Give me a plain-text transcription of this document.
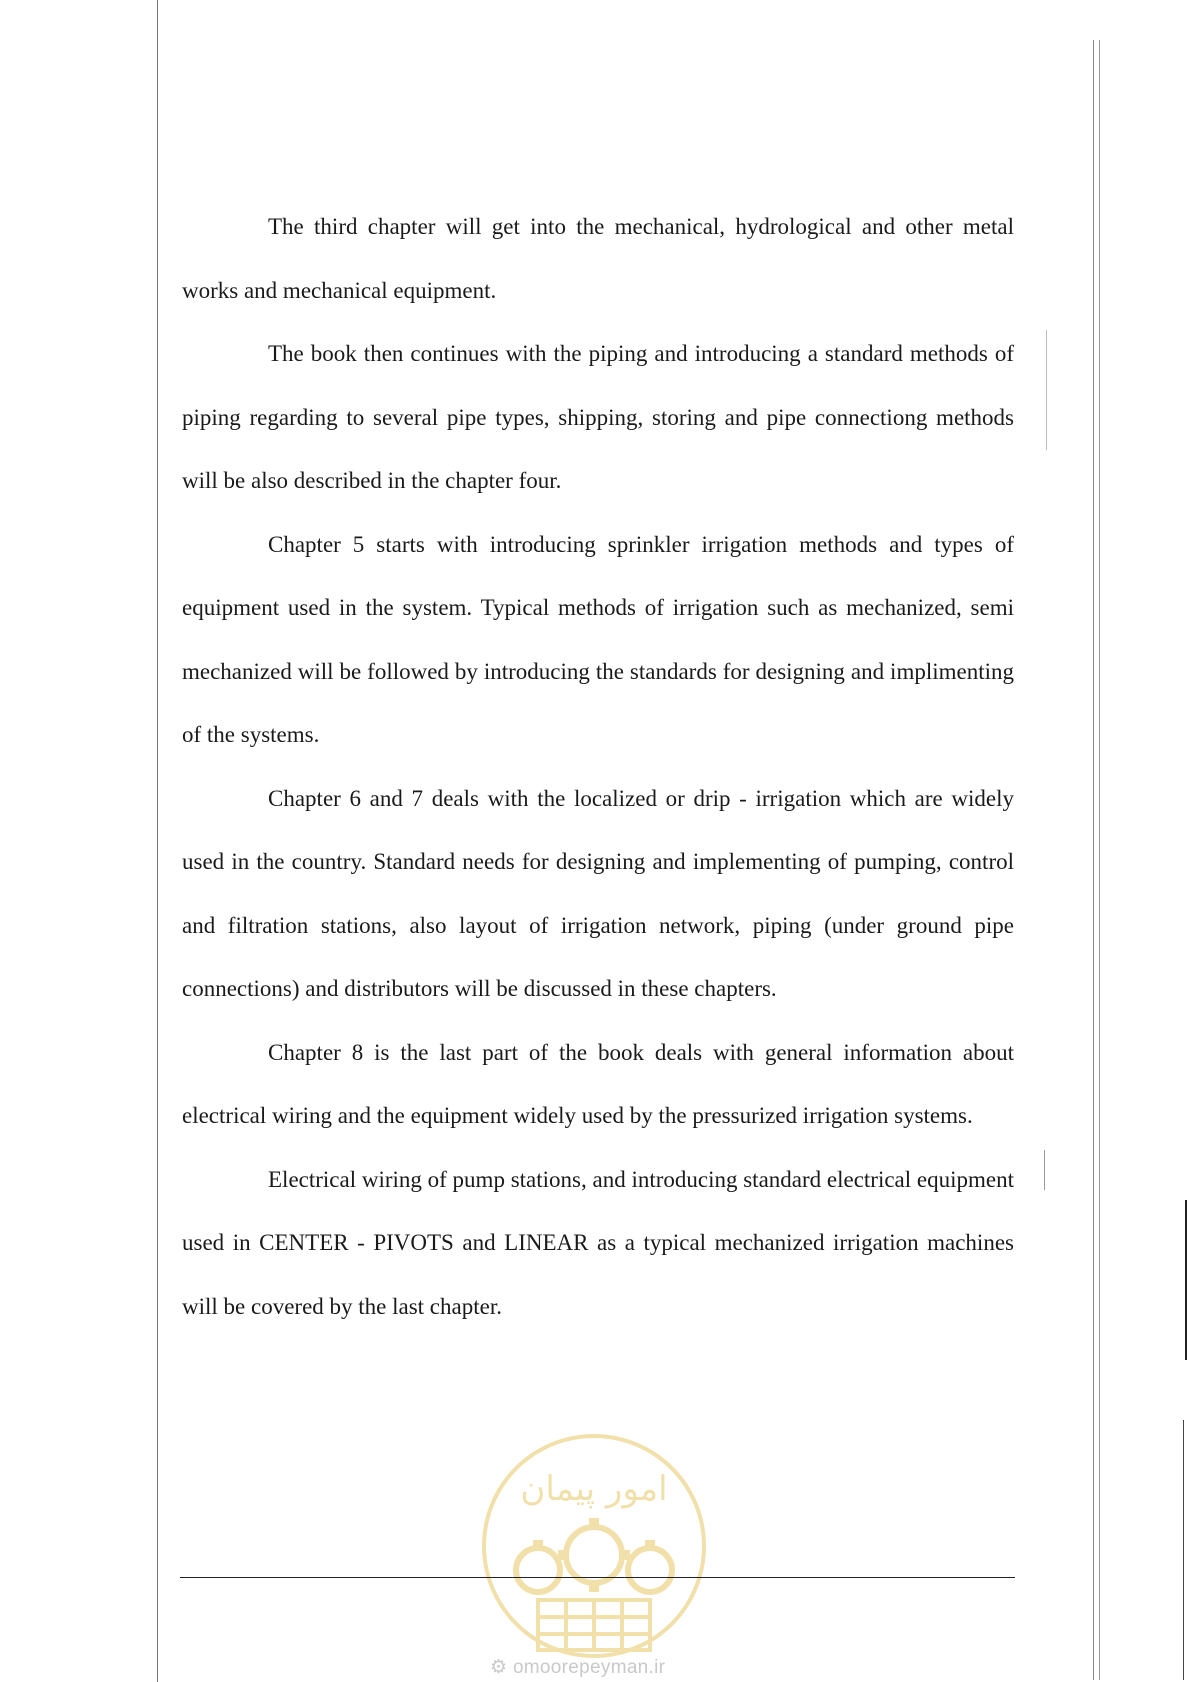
The third chapter will get into the mechanical, hydrological and other metal works and mechanical equipment.

The book then continues with the piping and introducing a standard methods of piping regarding to several pipe types, shipping, storing and pipe connectiong methods will be also described in the chapter four.

Chapter 5 starts with introducing sprinkler irrigation methods and types of equipment used in the system. Typical methods of irrigation such as mechanized, semi mechanized will be followed by introducing the standards for designing and implimenting of the systems.

Chapter 6 and 7 deals with the localized or drip - irrigation which are widely used in the country. Standard needs for designing and implementing of pumping, control and filtration stations, also layout of irrigation network, piping (under ground pipe connections) and distributors will be discussed in these chapters.

Chapter 8 is the last part of the book deals with general information about electrical wiring and the equipment widely used by the pressurized irrigation systems.

Electrical wiring of pump stations, and introducing standard electrical equipment used in CENTER - PIVOTS and LINEAR as a typical mechanized irrigation machines will be covered by the last chapter.

امور پیمان
⚙ omoorepeyman.ir
